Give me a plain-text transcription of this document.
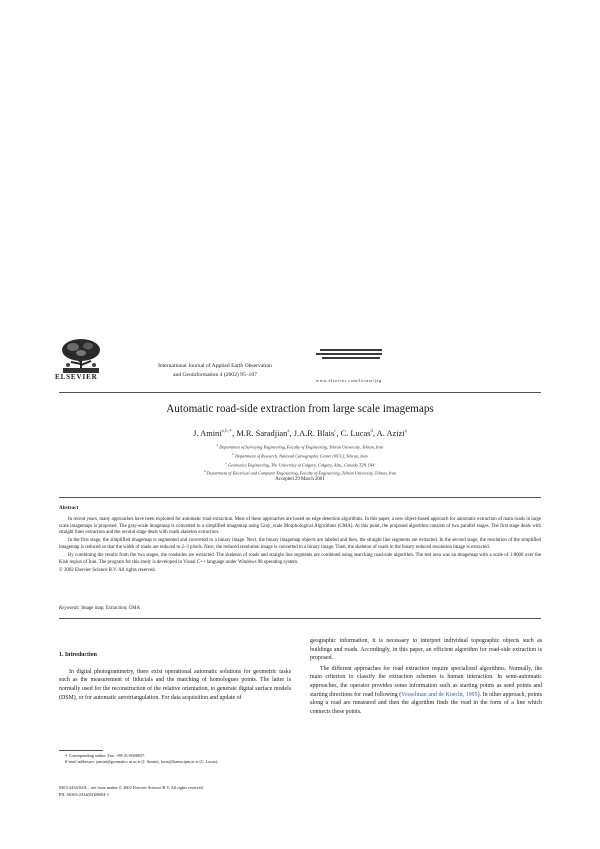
ELSEVIER
International Journal of Applied Earth Observation
and Geoinformation 4 (2002) 95–107
www.elsevier.com/locate/jag
Automatic road-side extraction from large scale imagemaps
J. Amini$^{a,b,∗}$, M.R. Saradjian$^a$, J.A.R. Blais$^c$, C. Lucas$^d$, A. Azizi$^a$
$^a$ Department of Surveying Engineering, Faculty of Engineering, Tehran University, Tehran, Iran
$^b$ Department of Research, National Cartographic Center (NCC), Tehran, Iran
$^c$ Geomatics Engineering, The University of Calgary, Calgary, Alta., Canada T2N 1N4
$^d$ Department of Electrical and Computer Engineering, Faculty of Engineering, Tehran University, Tehran, Iran
Accepted 29 March 2001
Abstract

In recent years, many approaches have been exploited for automatic road extraction. Most of these approaches are based on edge detection algorithms. In this paper, a new object-based approach for automatic extraction of main roads in large scale imagemaps is proposed. The gray-scale imagemap is converted to a simplified imagemap using Gray_scale Morphological Algorithms (GMA). At this point, the proposed algorithm consists of two parallel stages. The first stage deals with straight lines extraction and the second stage deals with roads skeleton extraction.

In the first stage, the simplified imagemap is segmented and converted to a binary image. Next, the binary imagemap objects are labeled and then, the straight line segments are extracted. In the second stage, the resolution of the simplified imagemap is reduced so that the width of roads are reduced to 2–3 pixels. Next, the reduced resolution image is converted to a binary image. Then, the skeleton of roads in the binary reduced resolution image is extracted.

By combining the results from the two stages, the roadsides are extracted. The skeleton of roads and straight line segments are combined using searching road-side algorithm. The test area was an imagemap with a scale of 1:8000 over the Kish region of Iran. The program for this study is developed in Visual C++ language under Windows 98 operating system.

© 2002 Elsevier Science B.V. All rights reserved.

Keywords: Image map; Extraction; GMA
1. Introduction

In digital photogrammetry, there exist operational automatic solutions for geometric tasks such as the measurement of fiducials and the matching of homologues points. The latter is normally used for the reconstruction of the relative orientation, to generate digital surface models (DSM), or for automatic aerotriangulation. For data acquisition and update of

geographic information, it is necessary to interpret individual topographic objects such as buildings and roads. Accordingly, in this paper, an efficient algorithm for road-side extraction is proposed.

The different approaches for road extraction require specialized algorithms. Normally, the main criterion to classify the extraction schemes is human interaction. In semi-automatic approaches, the operator provides some information such as starting points as seed points and starting directions for road following (Vosselman and de Knecht, 1995). In other approach, points along a road are measured and then the algorithm finds the road in the form of a line which connects these points.

∗ Corresponding author. Fax: +98-21-8008837.

E-mail addresses: jamini@geomatics.ut.ac.ir (J. Amini), lucas@karun.ipm.ac.ir (C. Lucas).

0303-2434/02/$ – see front matter © 2002 Elsevier Science B.V. All rights reserved.
PII: S0303-2434(02)00004-1
